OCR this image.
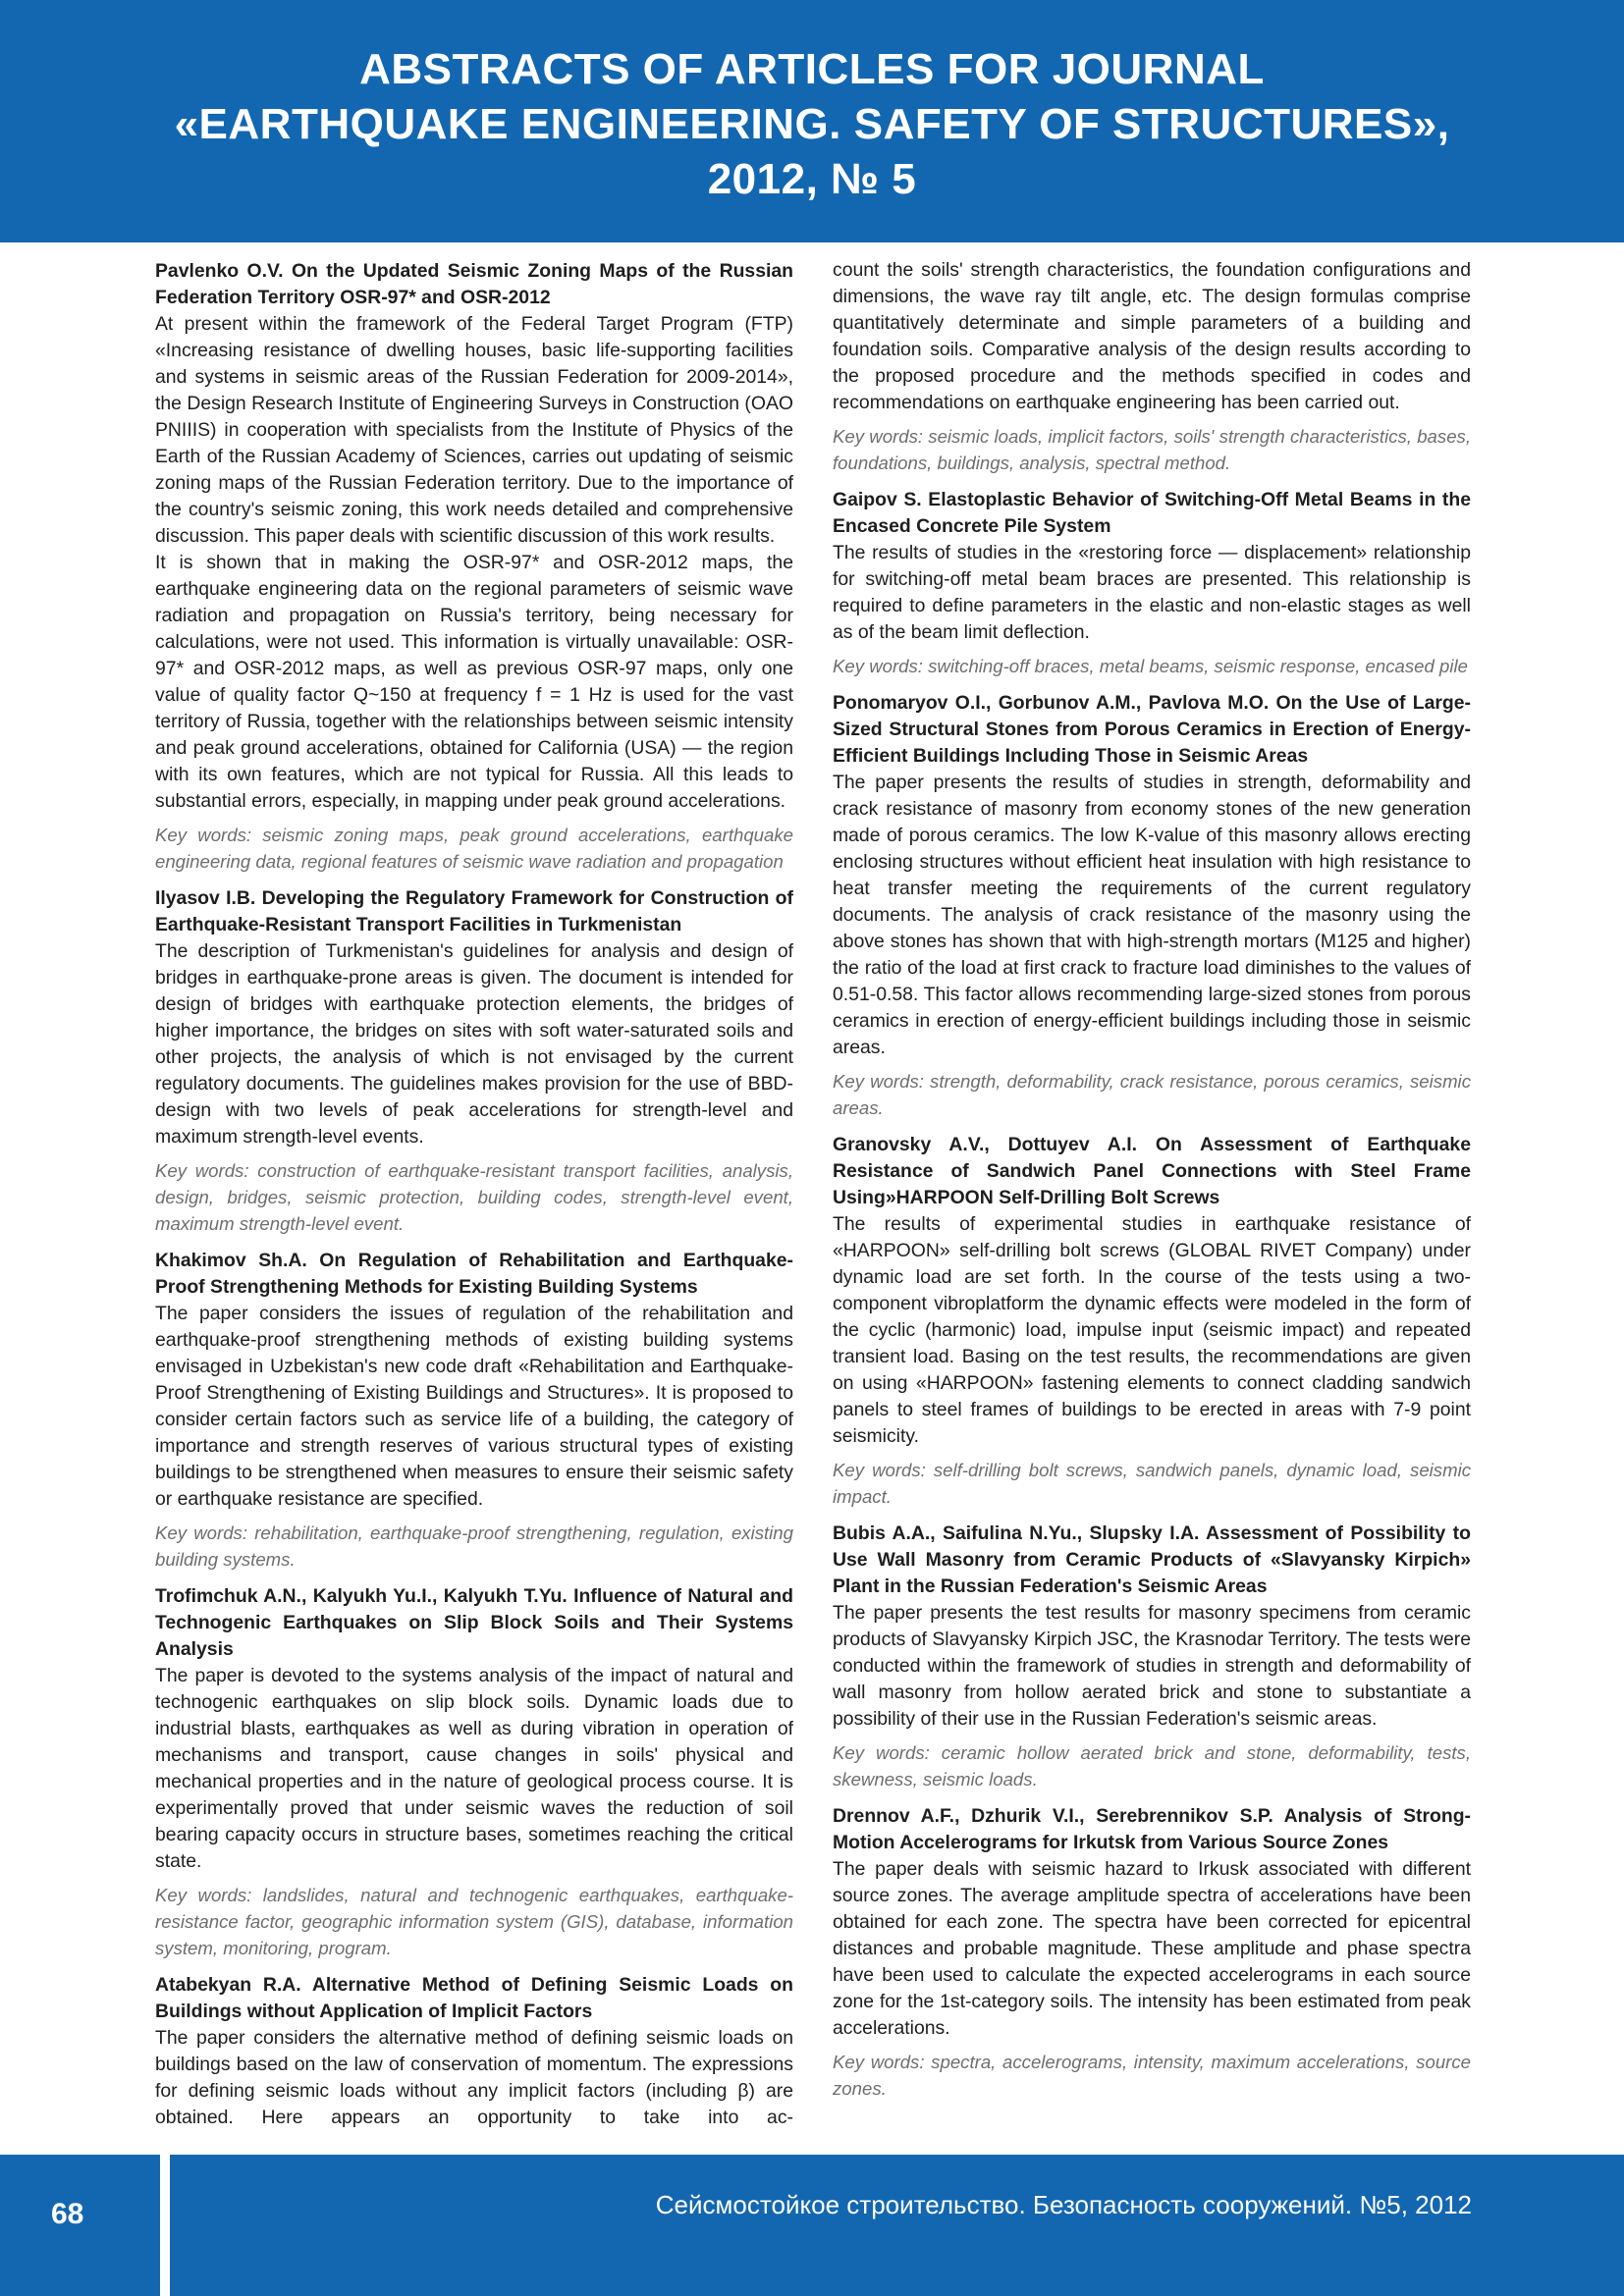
ABSTRACTS OF ARTICLES FOR JOURNAL
«EARTHQUAKE ENGINEERING. SAFETY OF STRUCTURES»,
2012, № 5
Pavlenko O.V. On the Updated Seismic Zoning Maps of the Russian Federation Territory OSR-97* and OSR-2012

At present within the framework of the Federal Target Program (FTP) «Increasing resistance of dwelling houses, basic life-supporting facilities and systems in seismic areas of the Russian Federation for 2009-2014», the Design Research Institute of Engineering Surveys in Construction (OAO PNIIIS) in cooperation with specialists from the Institute of Physics of the Earth of the Russian Academy of Sciences, carries out updating of seismic zoning maps of the Russian Federation territory. Due to the importance of the country's seismic zoning, this work needs detailed and comprehensive discussion. This paper deals with scientific discussion of this work results.

It is shown that in making the OSR-97* and OSR-2012 maps, the earthquake engineering data on the regional parameters of seismic wave radiation and propagation on Russia's territory, being necessary for calculations, were not used. This information is virtually unavailable: OSR-97* and OSR-2012 maps, as well as previous OSR-97 maps, only one value of quality factor Q~150 at frequency f = 1 Hz is used for the vast territory of Russia, together with the relationships between seismic intensity and peak ground accelerations, obtained for California (USA) — the region with its own features, which are not typical for Russia. All this leads to substantial errors, especially, in mapping under peak ground accelerations.

Key words: seismic zoning maps, peak ground accelerations, earthquake engineering data, regional features of seismic wave radiation and propagation
Ilyasov I.B. Developing the Regulatory Framework for Construction of Earthquake-Resistant Transport Facilities in Turkmenistan

The description of Turkmenistan's guidelines for analysis and design of bridges in earthquake-prone areas is given. The document is intended for design of bridges with earthquake protection elements, the bridges of higher importance, the bridges on sites with soft water-saturated soils and other projects, the analysis of which is not envisaged by the current regulatory documents. The guidelines makes provision for the use of BBD-design with two levels of peak accelerations for strength-level and maximum strength-level events.

Key words: construction of earthquake-resistant transport facilities, analysis, design, bridges, seismic protection, building codes, strength-level event, maximum strength-level event.
Khakimov Sh.A. On Regulation of Rehabilitation and Earthquake-Proof Strengthening Methods for Existing Building Systems

The paper considers the issues of regulation of the rehabilitation and earthquake-proof strengthening methods of existing building systems envisaged in Uzbekistan's new code draft «Rehabilitation and Earthquake-Proof Strengthening of Existing Buildings and Structures». It is proposed to consider certain factors such as service life of a building, the category of importance and strength reserves of various structural types of existing buildings to be strengthened when measures to ensure their seismic safety or earthquake resistance are specified.

Key words: rehabilitation, earthquake-proof strengthening, regulation, existing building systems.
Trofimchuk A.N., Kalyukh Yu.I., Kalyukh T.Yu. Influence of Natural and Technogenic Earthquakes on Slip Block Soils and Their Systems Analysis

The paper is devoted to the systems analysis of the impact of natural and technogenic earthquakes on slip block soils. Dynamic loads due to industrial blasts, earthquakes as well as during vibration in operation of mechanisms and transport, cause changes in soils' physical and mechanical properties and in the nature of geological process course. It is experimentally proved that under seismic waves the reduction of soil bearing capacity occurs in structure bases, sometimes reaching the critical state.

Key words: landslides, natural and technogenic earthquakes, earthquake-resistance factor, geographic information system (GIS), database, information system, monitoring, program.
Atabekyan R.A. Alternative Method of Defining Seismic Loads on Buildings without Application of Implicit Factors

The paper considers the alternative method of defining seismic loads on buildings based on the law of conservation of momentum. The expressions for defining seismic loads without any implicit factors (including β) are obtained. Here appears an opportunity to take into ac-

count the soils' strength characteristics, the foundation configurations and dimensions, the wave ray tilt angle, etc. The design formulas comprise quantitatively determinate and simple parameters of a building and foundation soils. Comparative analysis of the design results according to the proposed procedure and the methods specified in codes and recommendations on earthquake engineering has been carried out.

Key words: seismic loads, implicit factors, soils' strength characteristics, bases, foundations, buildings, analysis, spectral method.
Gaipov S. Elastoplastic Behavior of Switching-Off Metal Beams in the Encased Concrete Pile System

The results of studies in the «restoring force — displacement» relationship for switching-off metal beam braces are presented. This relationship is required to define parameters in the elastic and non-elastic stages as well as of the beam limit deflection.

Key words: switching-off braces, metal beams, seismic response, encased pile
Ponomaryov O.I., Gorbunov A.M., Pavlova M.O. On the Use of Large-Sized Structural Stones from Porous Ceramics in Erection of Energy-Efficient Buildings Including Those in Seismic Areas

The paper presents the results of studies in strength, deformability and crack resistance of masonry from economy stones of the new generation made of porous ceramics. The low K-value of this masonry allows erecting enclosing structures without efficient heat insulation with high resistance to heat transfer meeting the requirements of the current regulatory documents. The analysis of crack resistance of the masonry using the above stones has shown that with high-strength mortars (M125 and higher) the ratio of the load at first crack to fracture load diminishes to the values of 0.51-0.58. This factor allows recommending large-sized stones from porous ceramics in erection of energy-efficient buildings including those in seismic areas.

Key words: strength, deformability, crack resistance, porous ceramics, seismic areas.
Granovsky A.V., Dottuyev A.I. On Assessment of Earthquake Resistance of Sandwich Panel Connections with Steel Frame Using»HARPOON Self-Drilling Bolt Screws

The results of experimental studies in earthquake resistance of «HARPOON» self-drilling bolt screws (GLOBAL RIVET Company) under dynamic load are set forth. In the course of the tests using a two-component vibroplatform the dynamic effects were modeled in the form of the cyclic (harmonic) load, impulse input (seismic impact) and repeated transient load. Basing on the test results, the recommendations are given on using «HARPOON» fastening elements to connect cladding sandwich panels to steel frames of buildings to be erected in areas with 7-9 point seismicity.

Key words: self-drilling bolt screws, sandwich panels, dynamic load, seismic impact.
Bubis A.A., Saifulina N.Yu., Slupsky I.A. Assessment of Possibility to Use Wall Masonry from Ceramic Products of «Slavyansky Kirpich» Plant in the Russian Federation's Seismic Areas

The paper presents the test results for masonry specimens from ceramic products of Slavyansky Kirpich JSC, the Krasnodar Territory. The tests were conducted within the framework of studies in strength and deformability of wall masonry from hollow aerated brick and stone to substantiate a possibility of their use in the Russian Federation's seismic areas.

Key words: ceramic hollow aerated brick and stone, deformability, tests, skewness, seismic loads.
Drennov A.F., Dzhurik V.I., Serebrennikov S.P. Analysis of Strong-Motion Accelerograms for Irkutsk from Various Source Zones

The paper deals with seismic hazard to Irkusk associated with different source zones. The average amplitude spectra of accelerations have been obtained for each zone. The spectra have been corrected for epicentral distances and probable magnitude. These amplitude and phase spectra have been used to calculate the expected accelerograms in each source zone for the 1st-category soils. The intensity has been estimated from peak accelerations.

Key words: spectra, accelerograms, intensity, maximum accelerations, source zones.
68	Сейсмостойкое строительство. Безопасность сооружений. №5, 2012
